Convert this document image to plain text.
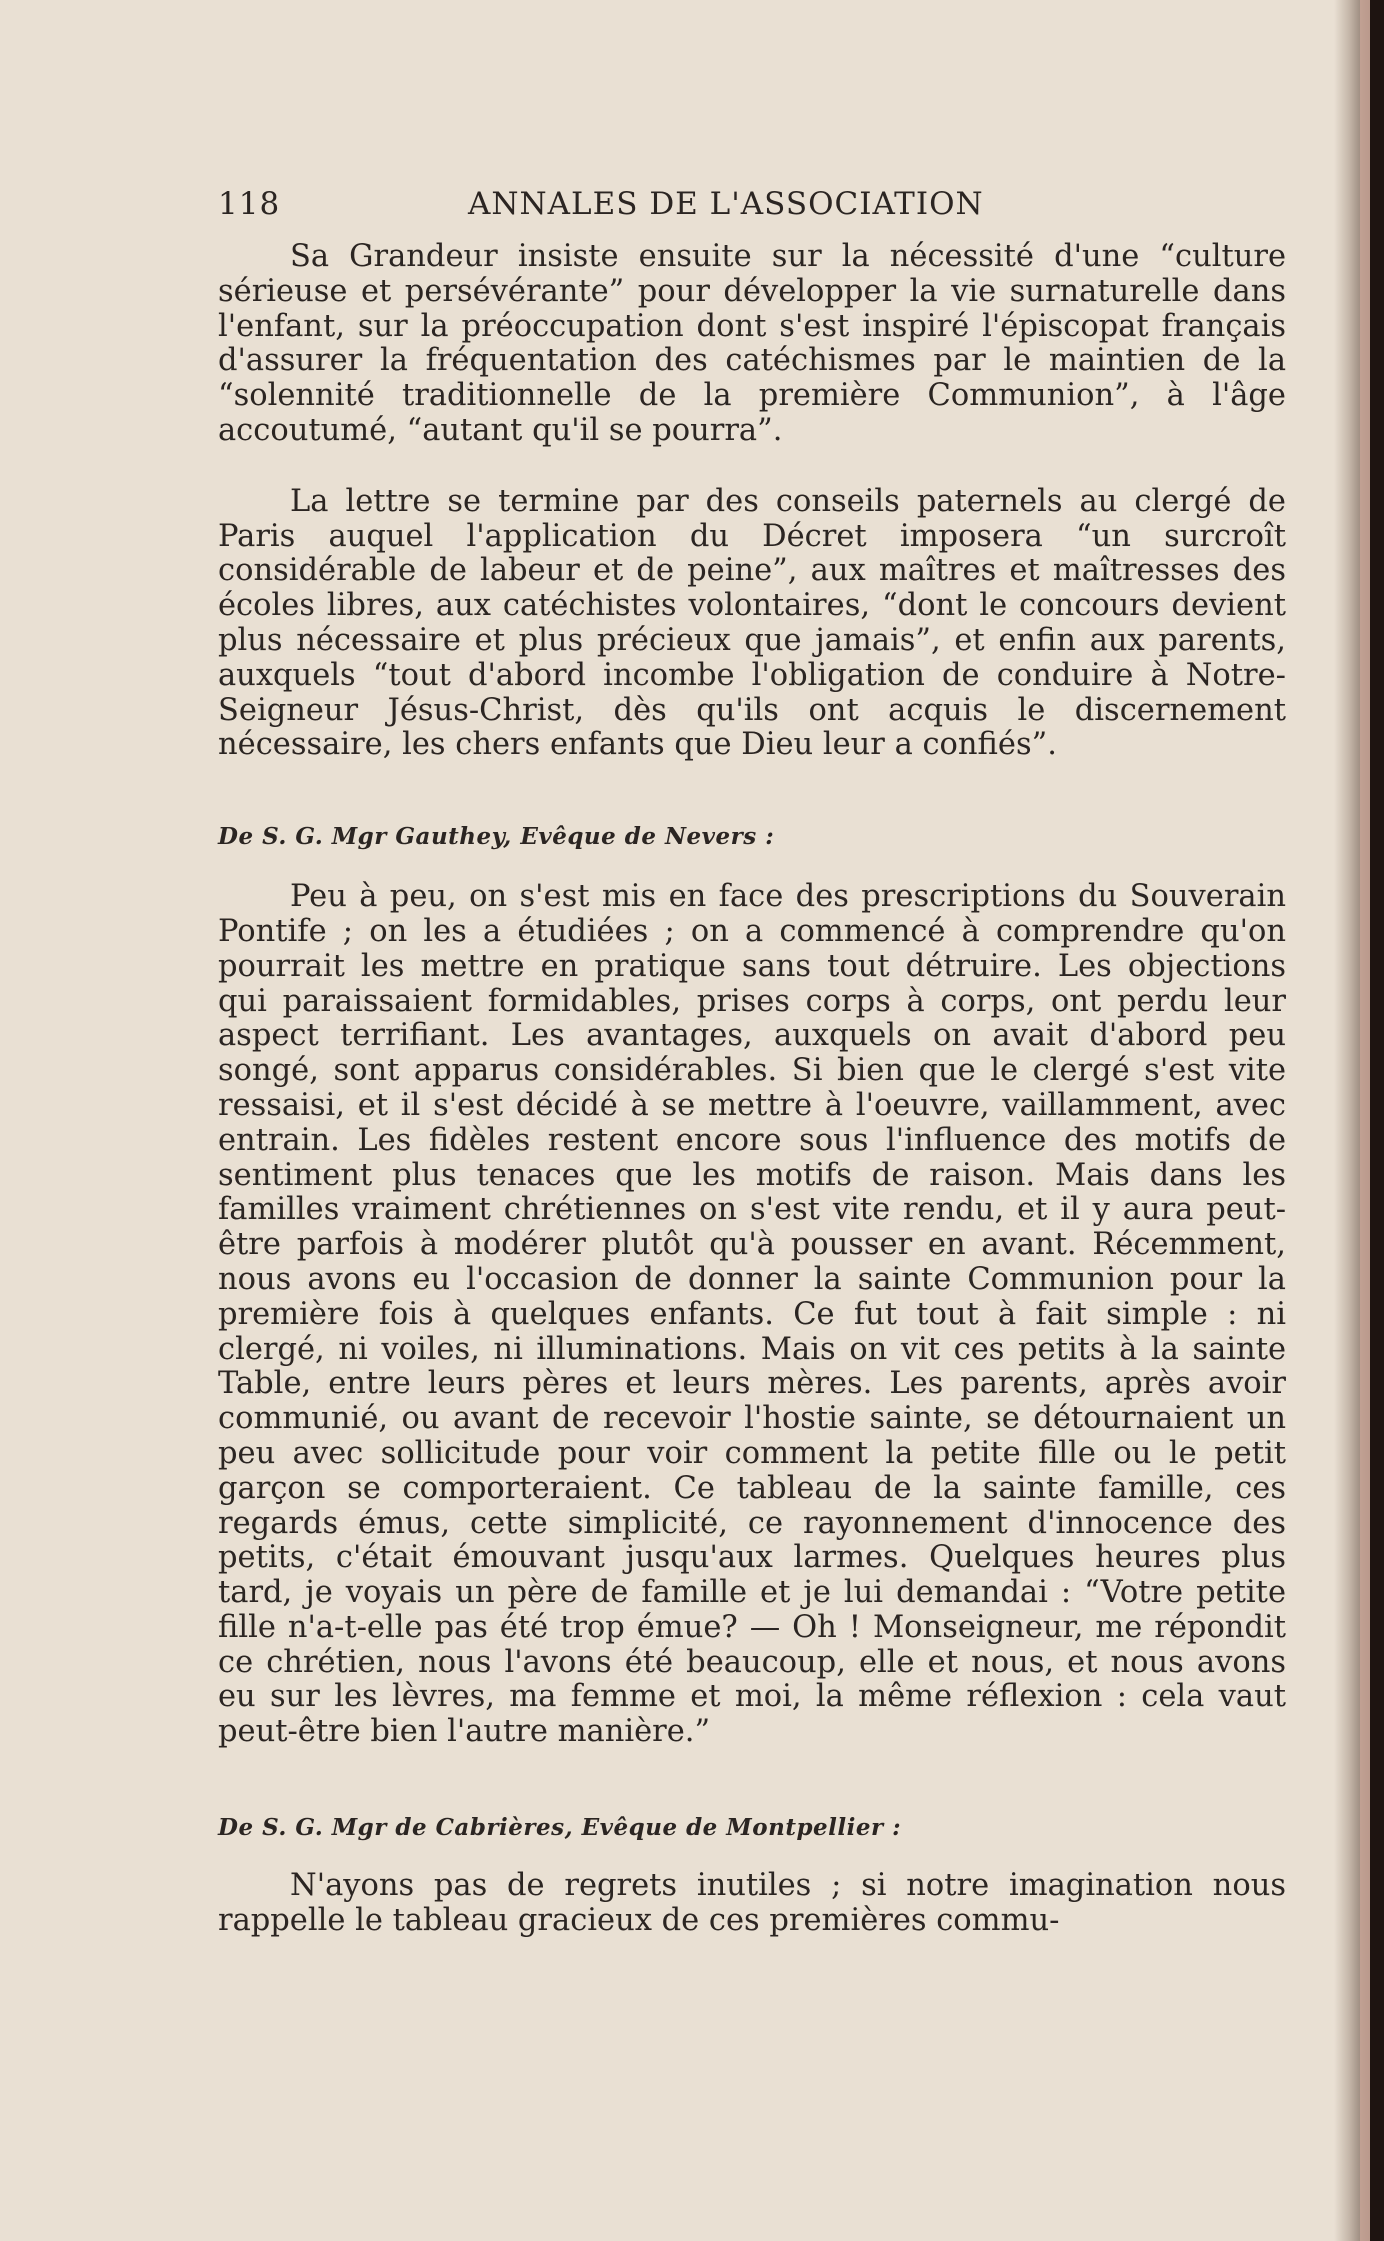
118	ANNALES DE L'ASSOCIATION

Sa Grandeur insiste ensuite sur la nécessité d'une “culture sérieuse et persévérante” pour développer la vie surnaturelle dans l'enfant, sur la préoccupation dont s'est inspiré l'épiscopat français d'assurer la fréquentation des catéchismes par le maintien de la “solennité traditionnelle de la première Communion”, à l'âge accoutumé, “autant qu'il se pourra”.

La lettre se termine par des conseils paternels au clergé de Paris auquel l'application du Décret imposera “un surcroît considérable de labeur et de peine”, aux maîtres et maîtresses des écoles libres, aux catéchistes volontaires, “dont le concours devient plus nécessaire et plus précieux que jamais”, et enfin aux parents, auxquels “tout d'abord incombe l'obligation de conduire à Notre-Seigneur Jésus-Christ, dès qu'ils ont acquis le discernement nécessaire, les chers enfants que Dieu leur a confiés”.

De S. G. Mgr Gauthey, Evêque de Nevers :

Peu à peu, on s'est mis en face des prescriptions du Souverain Pontife ; on les a étudiées ; on a commencé à comprendre qu'on pourrait les mettre en pratique sans tout détruire. Les objections qui paraissaient formidables, prises corps à corps, ont perdu leur aspect terrifiant. Les avantages, auxquels on avait d'abord peu songé, sont apparus considérables. Si bien que le clergé s'est vite ressaisi, et il s'est décidé à se mettre à l'oeuvre, vaillamment, avec entrain. Les fidèles restent encore sous l'influence des motifs de sentiment plus tenaces que les motifs de raison. Mais dans les familles vraiment chrétiennes on s'est vite rendu, et il y aura peut-être parfois à modérer plutôt qu'à pousser en avant. Récemment, nous avons eu l'occasion de donner la sainte Communion pour la première fois à quelques enfants. Ce fut tout à fait simple : ni clergé, ni voiles, ni illuminations. Mais on vit ces petits à la sainte Table, entre leurs pères et leurs mères. Les parents, après avoir communié, ou avant de recevoir l'hostie sainte, se détournaient un peu avec sollicitude pour voir comment la petite fille ou le petit garçon se comporteraient. Ce tableau de la sainte famille, ces regards émus, cette simplicité, ce rayonnement d'innocence des petits, c'était émouvant jusqu'aux larmes. Quelques heures plus tard, je voyais un père de famille et je lui demandai : “Votre petite fille n'a-t-elle pas été trop émue? — Oh ! Monseigneur, me répondit ce chrétien, nous l'avons été beaucoup, elle et nous, et nous avons eu sur les lèvres, ma femme et moi, la même réflexion : cela vaut peut-être bien l'autre manière.”

De S. G. Mgr de Cabrières, Evêque de Montpellier :

N'ayons pas de regrets inutiles ; si notre imagination nous rappelle le tableau gracieux de ces premières commu-
